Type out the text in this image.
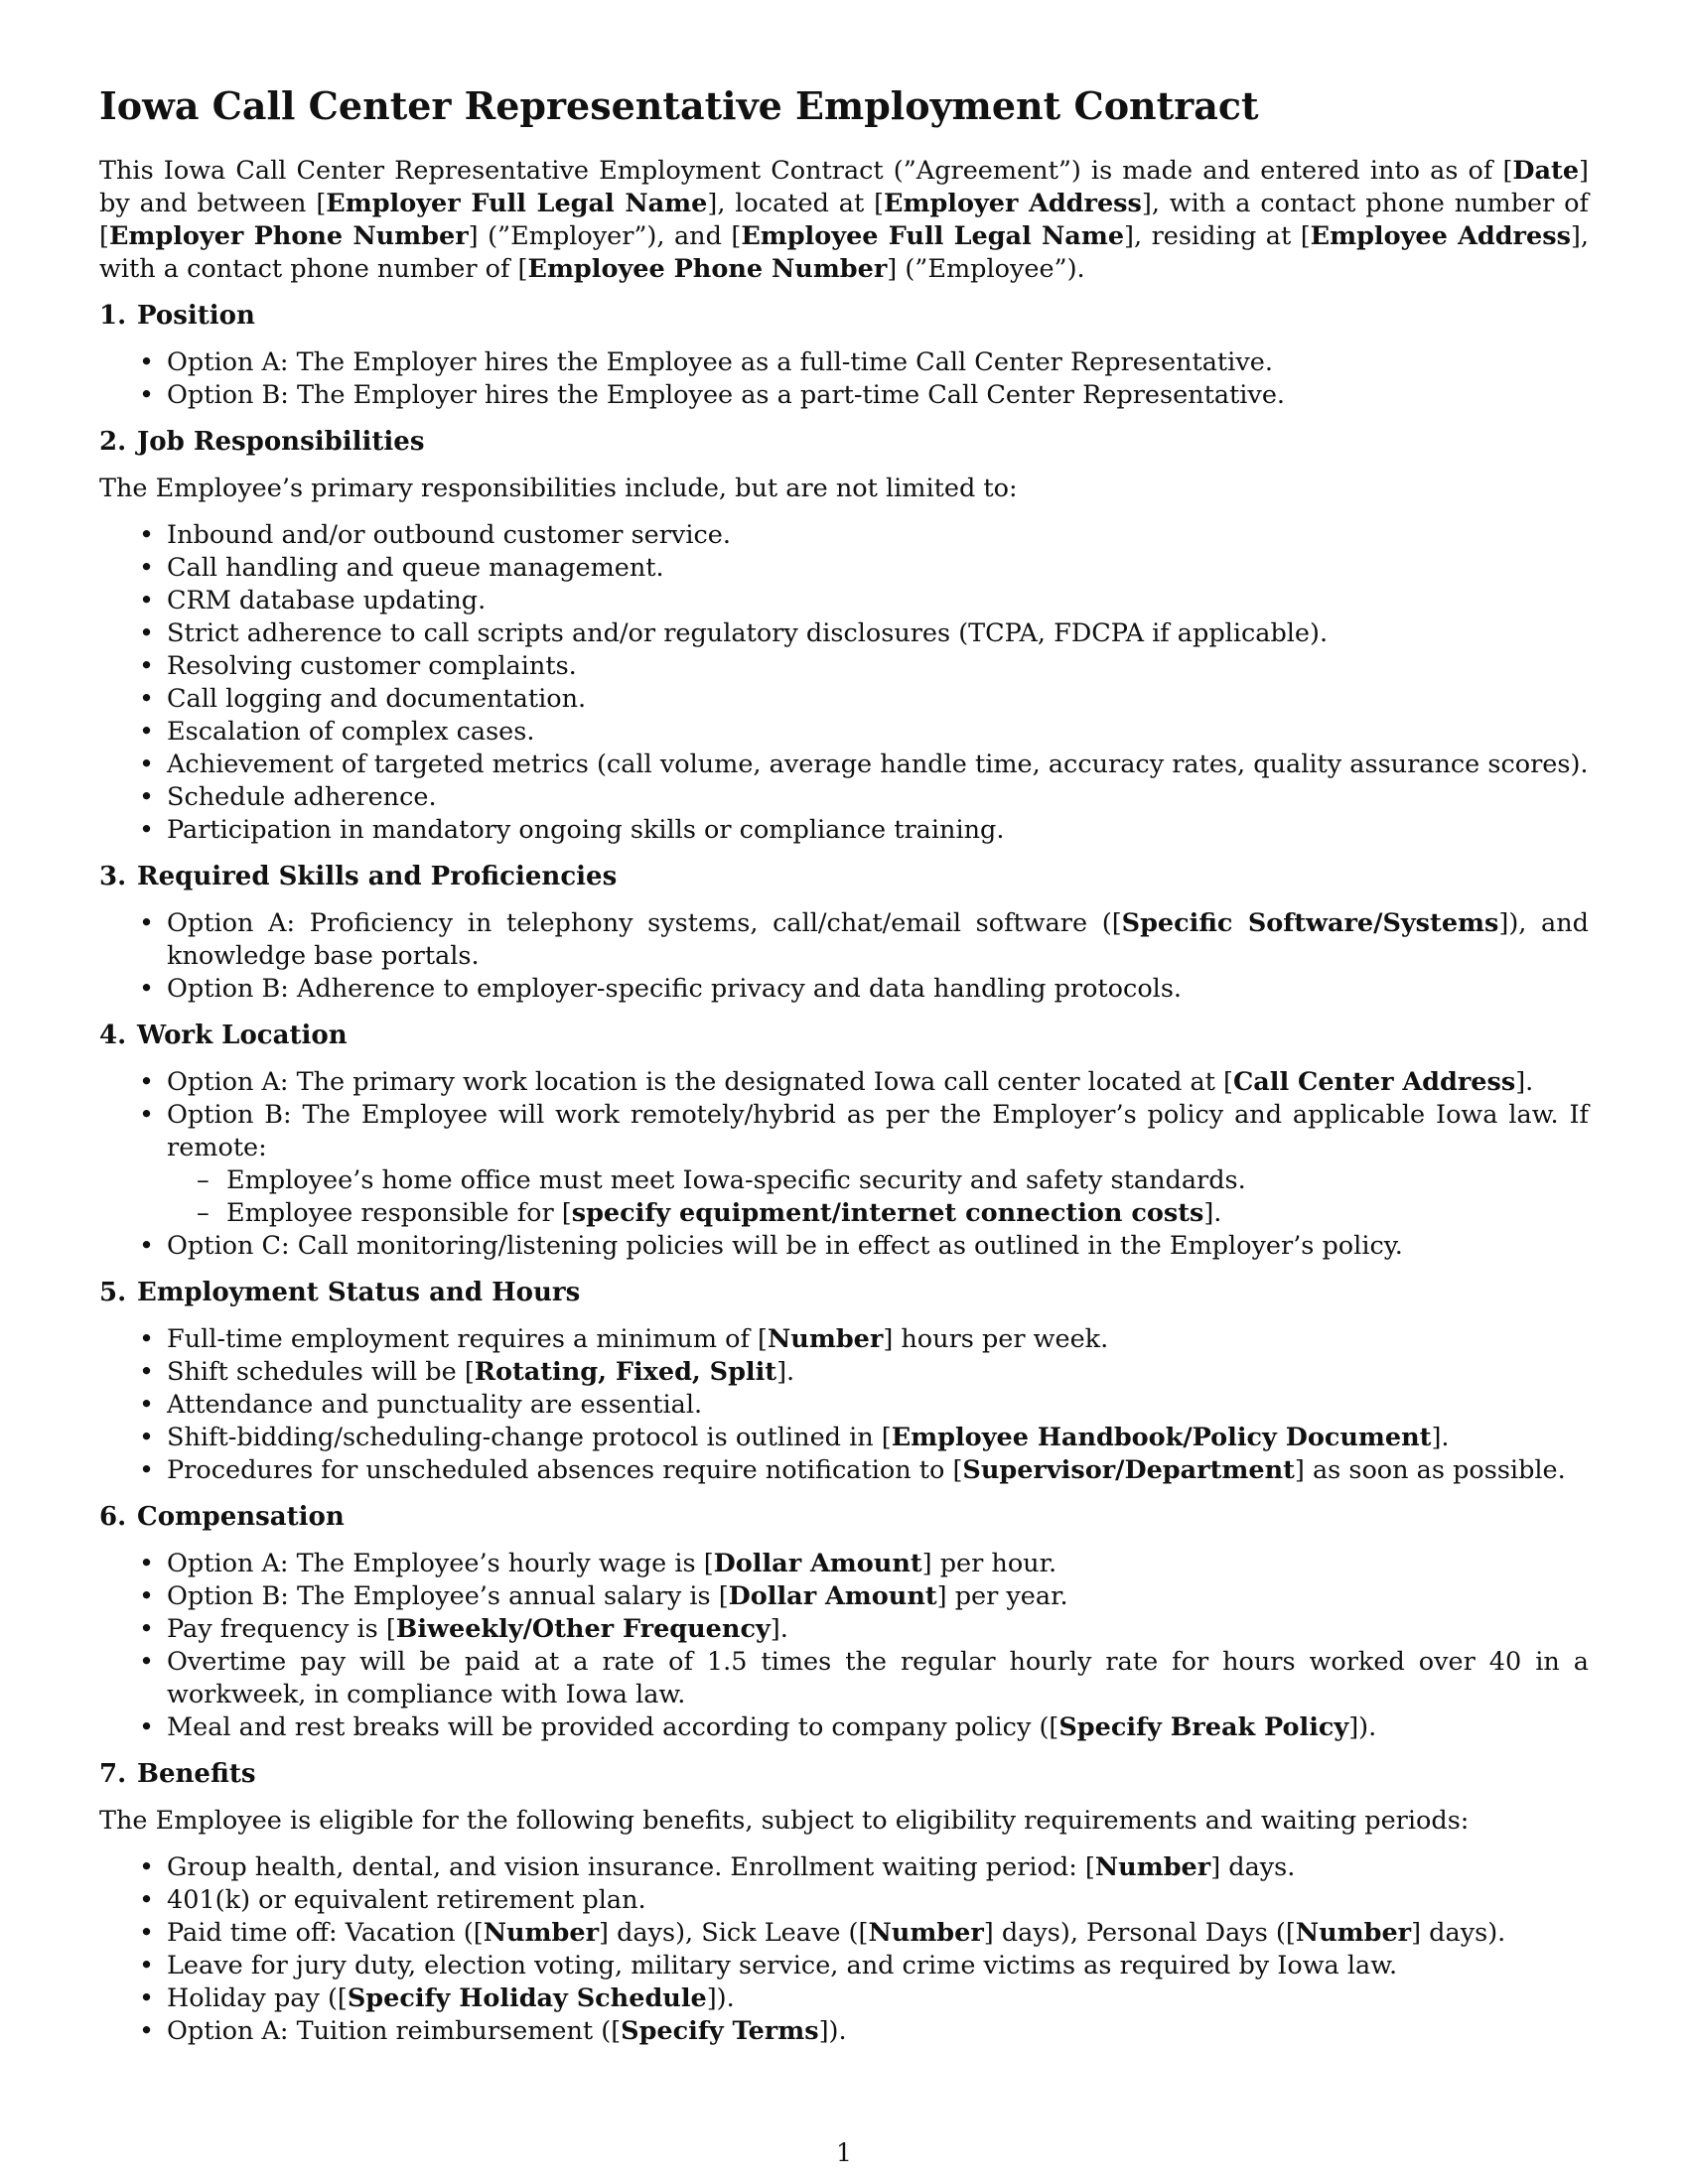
Iowa Call Center Representative Employment Contract

This Iowa Call Center Representative Employment Contract (”Agreement”) is made and entered into as of [Date] by and between [Employer Full Legal Name], located at [Employer Address], with a contact phone number of [Employer Phone Number] (”Employer”), and [Employee Full Legal Name], residing at [Employee Address], with a contact phone number of [Employee Phone Number] (”Employee”).

1. Position
• Option A: The Employer hires the Employee as a full-time Call Center Representative.
• Option B: The Employer hires the Employee as a part-time Call Center Representative.
2. Job Responsibilities

The Employee’s primary responsibilities include, but are not limited to:

• Inbound and/or outbound customer service.
• Call handling and queue management.
• CRM database updating.
• Strict adherence to call scripts and/or regulatory disclosures (TCPA, FDCPA if applicable).
• Resolving customer complaints.
• Call logging and documentation.
• Escalation of complex cases.
• Achievement of targeted metrics (call volume, average handle time, accuracy rates, quality assurance scores).
• Schedule adherence.
• Participation in mandatory ongoing skills or compliance training.
3. Required Skills and Proficiencies
• Option A: Proficiency in telephony systems, call/chat/email software ([Specific Software/Systems]), and knowledge base portals.
• Option B: Adherence to employer-specific privacy and data handling protocols.
4. Work Location
• Option A: The primary work location is the designated Iowa call center located at [Call Center Address].
• Option B: The Employee will work remotely/hybrid as per the Employer’s policy and applicable Iowa law. If remote:
– Employee’s home office must meet Iowa-specific security and safety standards.
– Employee responsible for [specify equipment/internet connection costs].
• Option C: Call monitoring/listening policies will be in effect as outlined in the Employer’s policy.
5. Employment Status and Hours
• Full-time employment requires a minimum of [Number] hours per week.
• Shift schedules will be [Rotating, Fixed, Split].
• Attendance and punctuality are essential.
• Shift-bidding/scheduling-change protocol is outlined in [Employee Handbook/Policy Document].
• Procedures for unscheduled absences require notification to [Supervisor/Department] as soon as possible.
6. Compensation
• Option A: The Employee’s hourly wage is [Dollar Amount] per hour.
• Option B: The Employee’s annual salary is [Dollar Amount] per year.
• Pay frequency is [Biweekly/Other Frequency].
• Overtime pay will be paid at a rate of 1.5 times the regular hourly rate for hours worked over 40 in a workweek, in compliance with Iowa law.
• Meal and rest breaks will be provided according to company policy ([Specify Break Policy]).
7. Benefits

The Employee is eligible for the following benefits, subject to eligibility requirements and waiting periods:

• Group health, dental, and vision insurance. Enrollment waiting period: [Number] days.
• 401(k) or equivalent retirement plan.
• Paid time off: Vacation ([Number] days), Sick Leave ([Number] days), Personal Days ([Number] days).
• Leave for jury duty, election voting, military service, and crime victims as required by Iowa law.
• Holiday pay ([Specify Holiday Schedule]).
• Option A: Tuition reimbursement ([Specify Terms]).
1
